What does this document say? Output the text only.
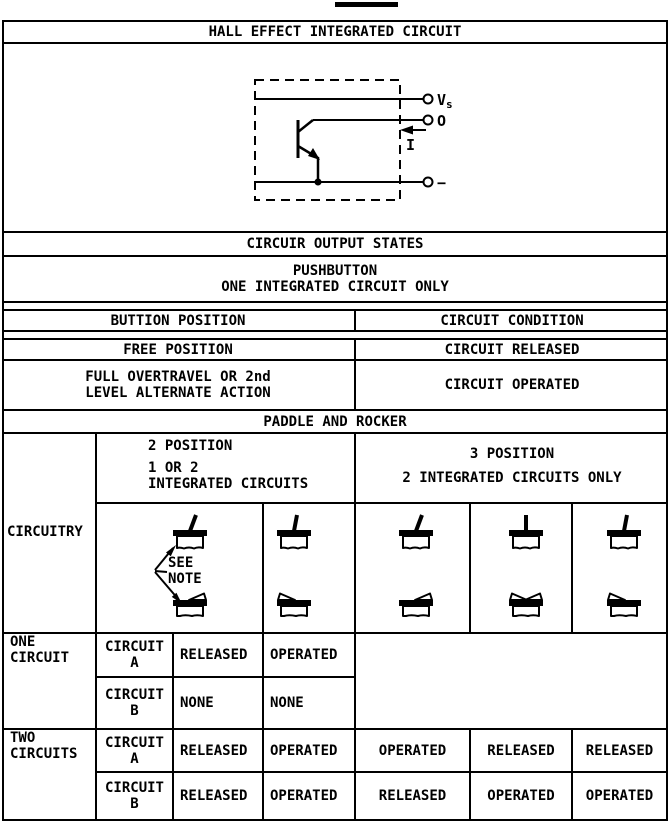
HALL EFFECT INTEGRATED CIRCUIT
$V_s$
O
I
−
CIRCUIR OUTPUT STATES
PUSHBUTTON
ONE INTEGRATED CIRCUIT ONLY
BUTTION POSITION	CIRCUIT CONDITION
FREE POSITION	CIRCUIT RELEASED
FULL OVERTRAVEL OR 2nd
LEVEL ALTERNATE ACTION	CIRCUIT OPERATED
PADDLE AND ROCKER
2 POSITION
1 OR 2
INTEGRATED CIRCUITS
3 POSITION
2 INTEGRATED CIRCUITS ONLY
CIRCUITRY
SEE
NOTE
ONE
CIRCUIT
CIRCUIT
A	RELEASED	OPERATED
CIRCUIT
B	NONE	NONE
TWO
CIRCUITS
CIRCUIT
A	RELEASED	OPERATED	OPERATED	RELEASED	RELEASED
CIRCUIT
B	RELEASED	OPERATED	RELEASED	OPERATED	OPERATED
